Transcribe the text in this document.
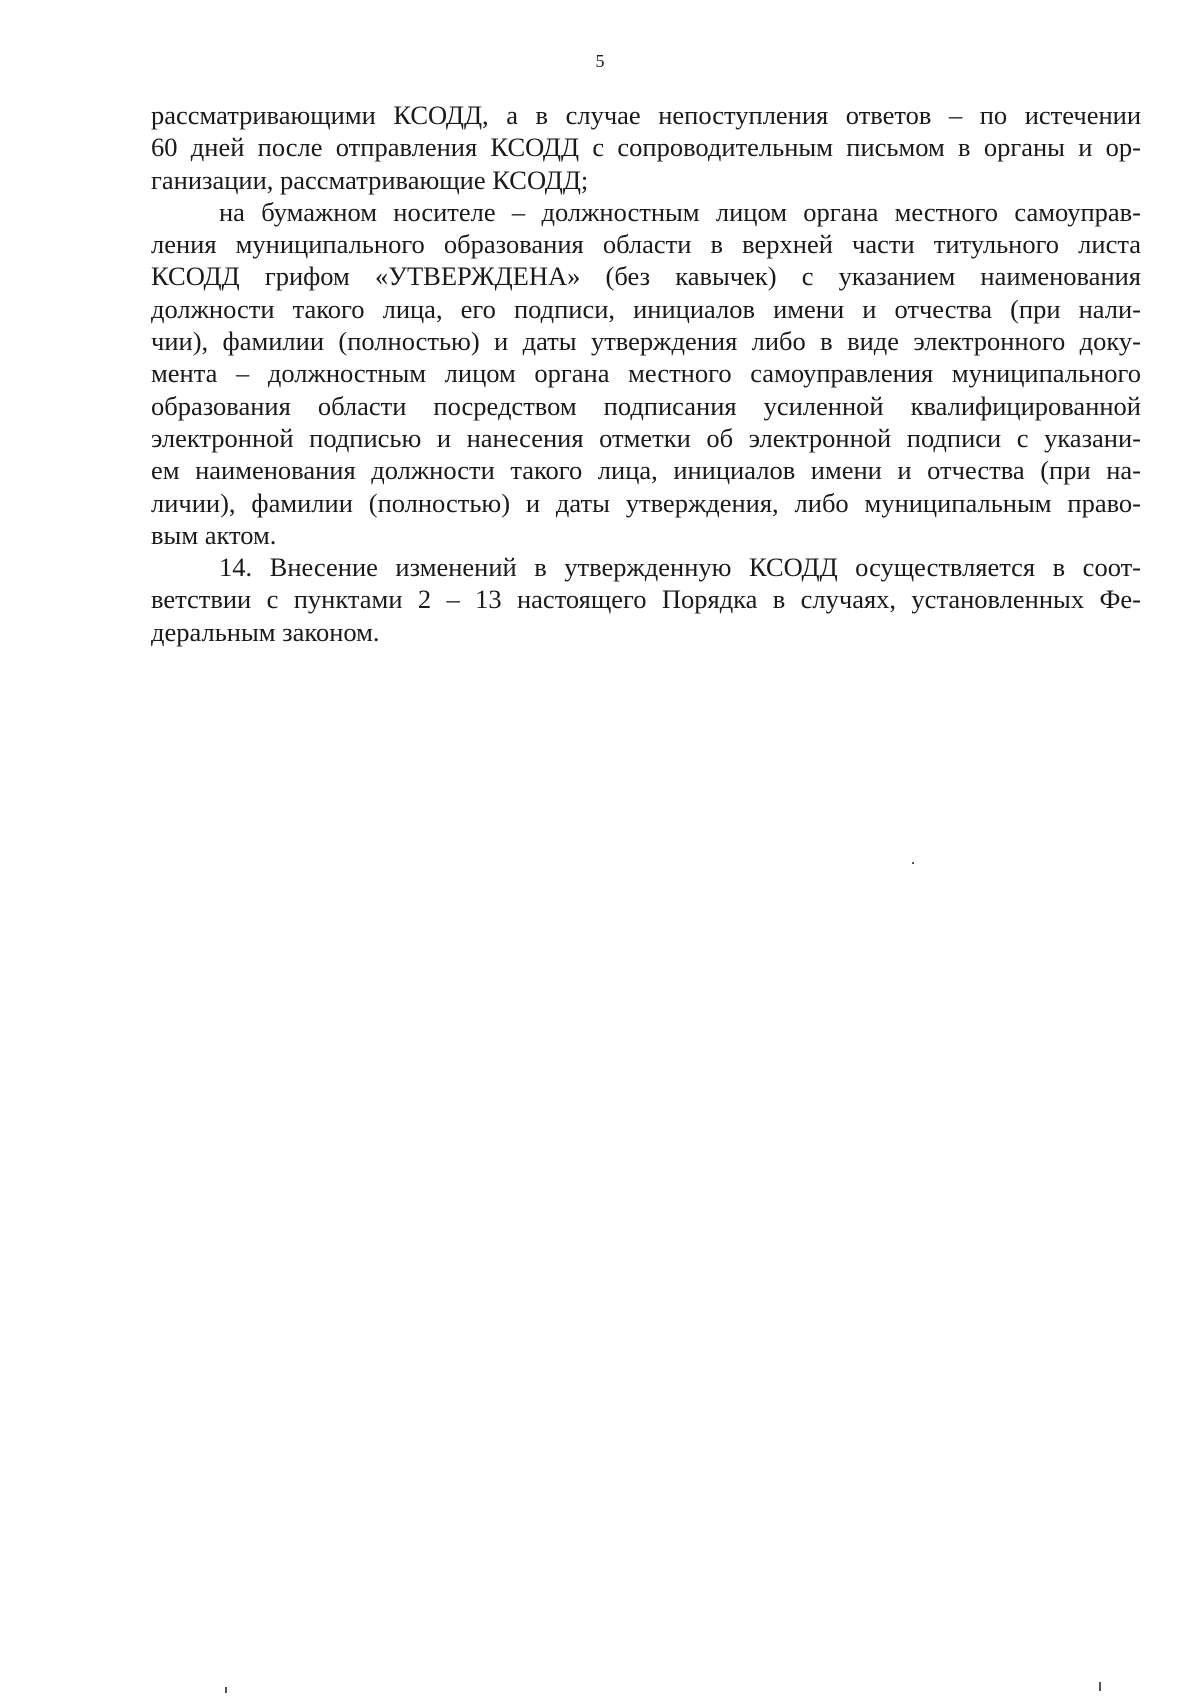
5
рассматривающими КСОДД, а в случае непоступления ответов – по истечении
60 дней после отправления КСОДД с сопроводительным письмом в органы и ор-
ганизации, рассматривающие КСОДД;
на бумажном носителе – должностным лицом органа местного самоуправ-
ления муниципального образования области в верхней части титульного листа
КСОДД грифом «УТВЕРЖДЕНА» (без кавычек) с указанием наименования
должности такого лица, его подписи, инициалов имени и отчества (при нали-
чии), фамилии (полностью) и даты утверждения либо в виде электронного доку-
мента – должностным лицом органа местного самоуправления муниципального
образования области посредством подписания усиленной квалифицированной
электронной подписью и нанесения отметки об электронной подписи с указани-
ем наименования должности такого лица, инициалов имени и отчества (при на-
личии), фамилии (полностью) и даты утверждения, либо муниципальным право-
вым актом.
14. Внесение изменений в утвержденную КСОДД осуществляется в соот-
ветствии с пунктами 2 – 13 настоящего Порядка в случаях, установленных Фе-
деральным законом.
